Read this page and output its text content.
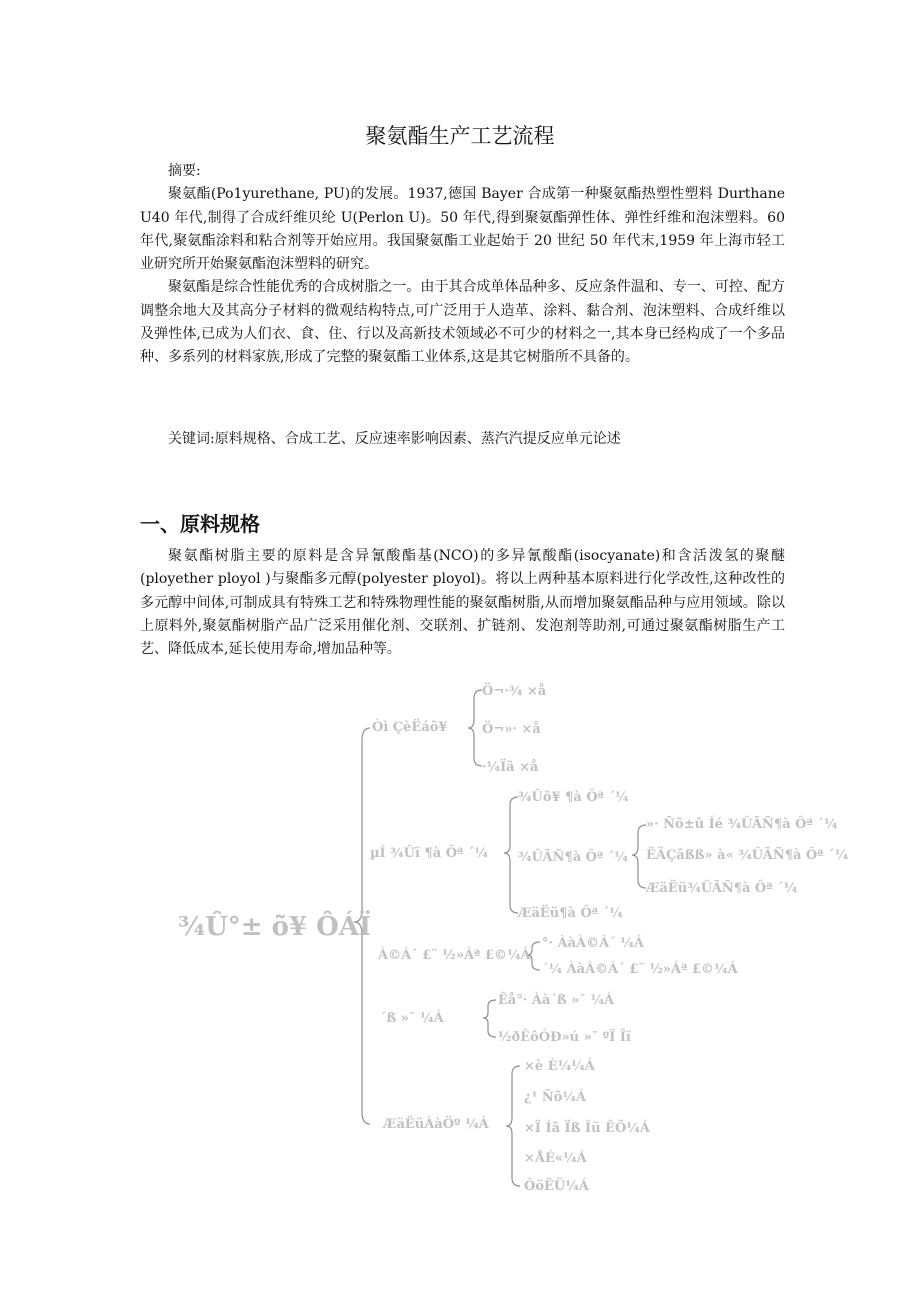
聚氨酯生产工艺流程
摘要:

聚氨酯(Po1yurethane, PU)的发展。1937,德国 Bayer 合成第一种聚氨酯热塑性塑料 Durthane U40 年代,制得了合成纤维贝纶 U(Perlon U)。50 年代,得到聚氨酯弹性体、弹性纤维和泡沫塑料。60 年代,聚氨酯涂料和粘合剂等开始应用。我国聚氨酯工业起始于 20 世纪 50 年代末,1959 年上海市轻工业研究所开始聚氨酯泡沫塑料的研究。

聚氨酯是综合性能优秀的合成树脂之一。由于其合成单体品种多、反应条件温和、专一、可控、配方调整余地大及其高分子材料的微观结构特点,可广泛用于人造革、涂料、黏合剂、泡沫塑料、合成纤维以及弹性体,已成为人们衣、食、住、行以及高新技术领域必不可少的材料之一,其本身已经构成了一个多品种、多系列的材料家族,形成了完整的聚氨酯工业体系,这是其它树脂所不具备的。

关键词:原料规格、合成工艺、反应速率影响因素、蒸汽汽提反应单元论述

一、原料规格

聚氨酯树脂主要的原料是含异氰酸酯基(NCO)的多异氰酸酯(isocyanate)和含活泼氢的聚醚(ployether ployol )与聚酯多元醇(polyester ployol)。将以上两种基本原料进行化学改性,这种改性的多元醇中间体,可制成具有特殊工艺和特殊物理性能的聚氨酯树脂,从而增加聚氨酯品种与应用领域。除以上原料外,聚氨酯树脂产品广泛采用催化剂、交联剂、扩链剂、发泡剂等助剂,可通过聚氨酯树脂生产工艺、降低成本,延长使用寿命,增加品种等。

¾Û°± õ¥ ÔÁÏ
Òì ÇèËáõ¥
Ö¬·¾ ×å
Ö¬»· ×å
·¼Ïã ×å
µÍ ¾Ûï ¶à Ôª ´¼
¾Ûõ¥ ¶à Ôª ´¼
¾ÛÃÑ¶à Ôª ´¼
ÆäËü¶à Ôª ´¼
»· Ñõ±û Íé ¾ÛÃÑ¶à Ôª ´¼
ËÄÇâßß» à« ¾ÛÃÑ¶à Ôª ´¼
ÆäËü¾ÛÃÑ¶à Ôª ´¼
À©Á´ £¨ ½»Áª £©¼Á
°· ÀàÀ©Á´ ¼Á
´¼ ÀàÀ©Á´ £¨ ½»Áª £©¼Á
´ß »¯ ¼Á
Êå°· Àà´ß »¯ ¼Á
½ðÊôÓÐ»ú »¯ ºÏ Îï
ÆäËüÀàÖº ¼Á
×è È¼¼Á
¿¹ Ñõ¼Á
×Ï Íâ Ïß Îü ÊÕ¼Á
×ÅÉ«¼Á
ÔöËÜ¼Á
